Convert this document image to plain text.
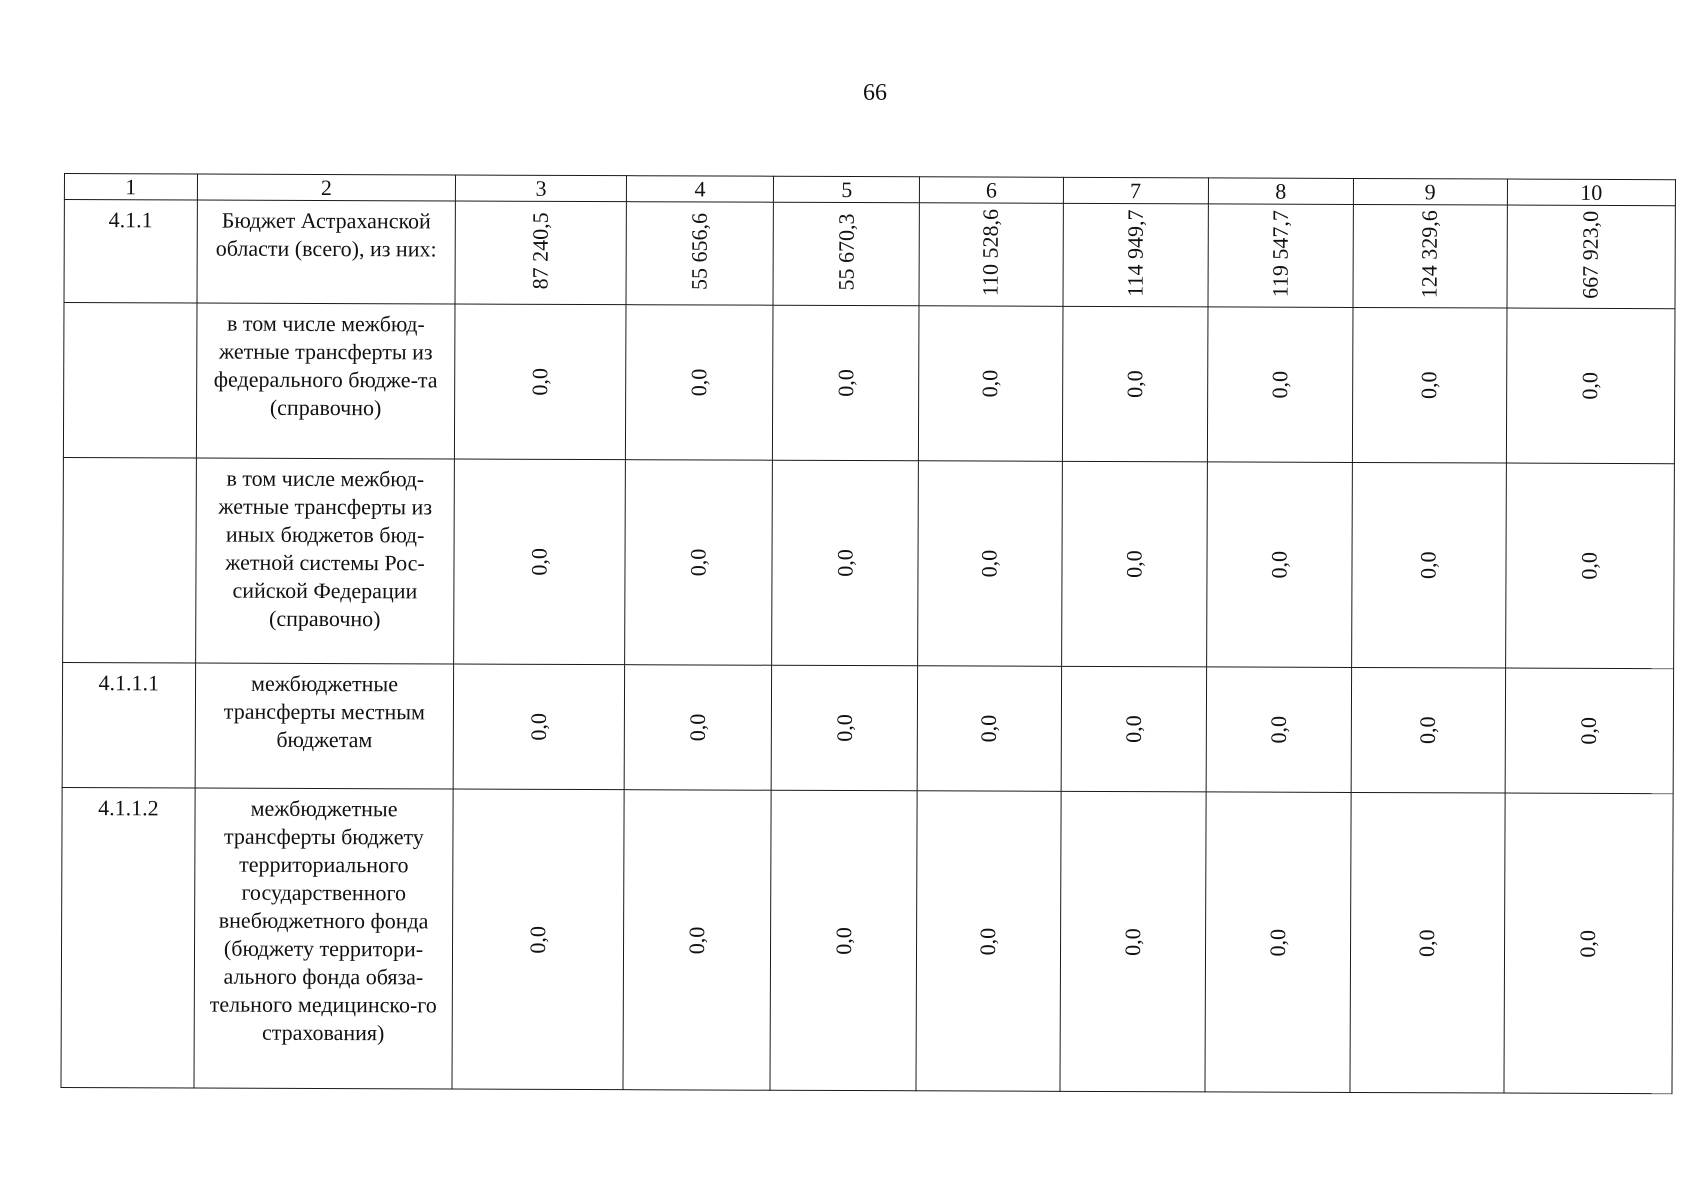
66
1	2	3	4	5	6	7	8	9	10
4.1.1	Бюджет Астраханской области (всего), из них:	87 240,5	55 656,6	55 670,3	110 528,6	114 949,7	119 547,7	124 329,6	667 923,0

	в том числе межбюд-жетные трансферты из федерального бюдже-та (справочно)	0,0	0,0	0,0	0,0	0,0	0,0	0,0	0,0

	в том числе межбюд-жетные трансферты из иных бюджетов бюд-жетной системы Рос-сийской Федерации (справочно)	0,0	0,0	0,0	0,0	0,0	0,0	0,0	0,0

4.1.1.1	межбюджетные трансферты местным бюджетам	0,0	0,0	0,0	0,0	0,0	0,0	0,0	0,0

4.1.1.2	межбюджетные трансферты бюджету территориального государственного внебюджетного фонда (бюджету территори-ального фонда обяза-тельного медицинско-го страхования)	0,0	0,0	0,0	0,0	0,0	0,0	0,0	0,0
